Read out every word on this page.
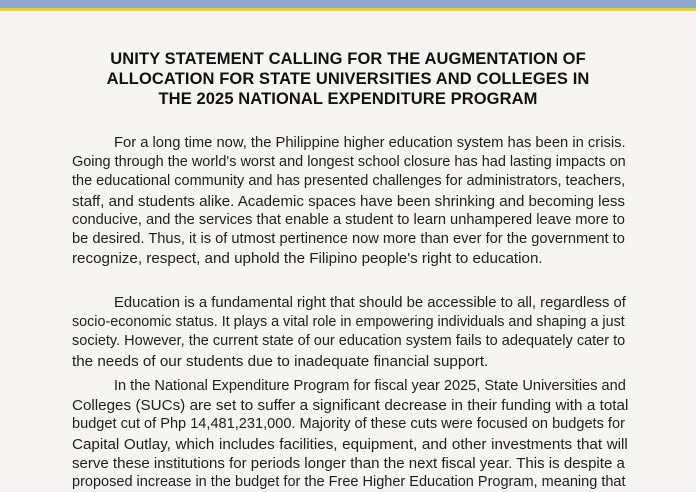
UNITY STATEMENT CALLING FOR THE AUGMENTATION OF
ALLOCATION FOR STATE UNIVERSITIES AND COLLEGES IN
THE 2025 NATIONAL EXPENDITURE PROGRAM

For a long time now, the Philippine higher education system has been in crisis.
Going through the world's worst and longest school closure has had lasting impacts on
the educational community and has presented challenges for administrators, teachers,
staff, and students alike. Academic spaces have been shrinking and becoming less
conducive, and the services that enable a student to learn unhampered leave more to
be desired. Thus, it is of utmost pertinence now more than ever for the government to
recognize, respect, and uphold the Filipino people's right to education.

Education is a fundamental right that should be accessible to all, regardless of
socio-economic status. It plays a vital role in empowering individuals and shaping a just
society. However, the current state of our education system fails to adequately cater to
the needs of our students due to inadequate financial support.

In the National Expenditure Program for fiscal year 2025, State Universities and
Colleges (SUCs) are set to suffer a significant decrease in their funding with a total
budget cut of Php 14,481,231,000. Majority of these cuts were focused on budgets for
Capital Outlay, which includes facilities, equipment, and other investments that will
serve these institutions for periods longer than the next fiscal year. This is despite a
proposed increase in the budget for the Free Higher Education Program, meaning that
